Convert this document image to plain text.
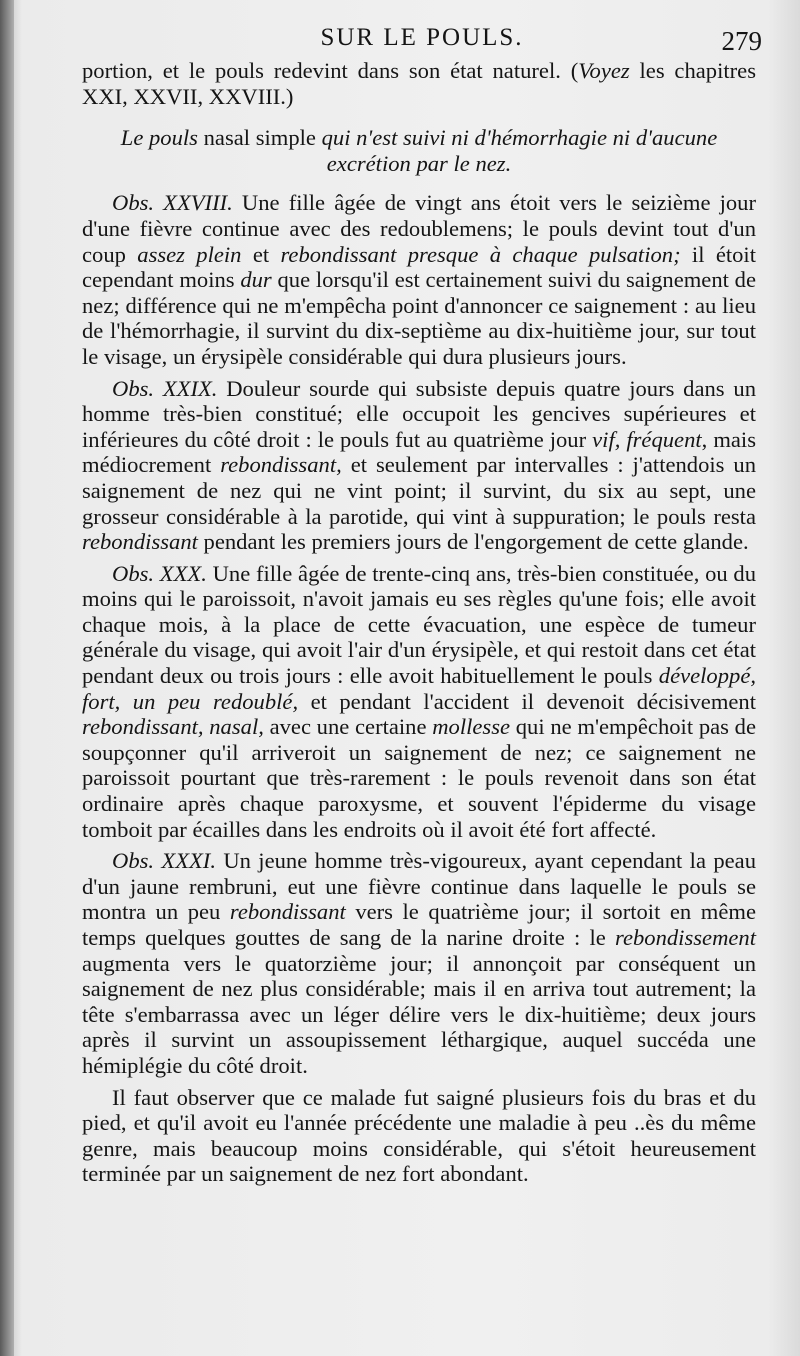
SUR LE POULS.	279

portion, et le pouls redevint dans son état naturel. (Voyez les chapitres XXI, XXVII, XXVIII.)

Le pouls nasal simple qui n'est suivi ni d'hémorrhagie ni d'aucune excrétion par le nez.

Obs. XXVIII. Une fille âgée de vingt ans étoit vers le seizième jour d'une fièvre continue avec des redoublemens; le pouls devint tout d'un coup assez plein et rebondissant presque à chaque pulsation; il étoit cependant moins dur que lorsqu'il est certainement suivi du saignement de nez; différence qui ne m'empêcha point d'annoncer ce saignement : au lieu de l'hémorrhagie, il survint du dix-septième au dix-huitième jour, sur tout le visage, un érysipèle considérable qui dura plusieurs jours.

Obs. XXIX. Douleur sourde qui subsiste depuis quatre jours dans un homme très-bien constitué; elle occupoit les gencives supérieures et inférieures du côté droit : le pouls fut au quatrième jour vif, fréquent, mais médiocrement rebondissant, et seulement par intervalles : j'attendois un saignement de nez qui ne vint point; il survint, du six au sept, une grosseur considérable à la parotide, qui vint à suppuration; le pouls resta rebondissant pendant les premiers jours de l'engorgement de cette glande.

Obs. XXX. Une fille âgée de trente-cinq ans, très-bien constituée, ou du moins qui le paroissoit, n'avoit jamais eu ses règles qu'une fois; elle avoit chaque mois, à la place de cette évacuation, une espèce de tumeur générale du visage, qui avoit l'air d'un érysipèle, et qui restoit dans cet état pendant deux ou trois jours : elle avoit habituellement le pouls développé, fort, un peu redoublé, et pendant l'accident il devenoit décisivement rebondissant, nasal, avec une certaine mollesse qui ne m'empêchoit pas de soupçonner qu'il arriveroit un saignement de nez; ce saignement ne paroissoit pourtant que très-rarement : le pouls revenoit dans son état ordinaire après chaque paroxysme, et souvent l'épiderme du visage tomboit par écailles dans les endroits où il avoit été fort affecté.

Obs. XXXI. Un jeune homme très-vigoureux, ayant cependant la peau d'un jaune rembruni, eut une fièvre continue dans laquelle le pouls se montra un peu rebondissant vers le quatrième jour; il sortoit en même temps quelques gouttes de sang de la narine droite : le rebondissement augmenta vers le quatorzième jour; il annonçoit par conséquent un saignement de nez plus considérable; mais il en arriva tout autrement; la tête s'embarrassa avec un léger délire vers le dix-huitième; deux jours après il survint un assoupissement léthargique, auquel succéda une hémiplégie du côté droit.

Il faut observer que ce malade fut saigné plusieurs fois du bras et du pied, et qu'il avoit eu l'année précédente une maladie à peu ..ès du même genre, mais beaucoup moins considérable, qui s'étoit heureusement terminée par un saignement de nez fort abondant.
